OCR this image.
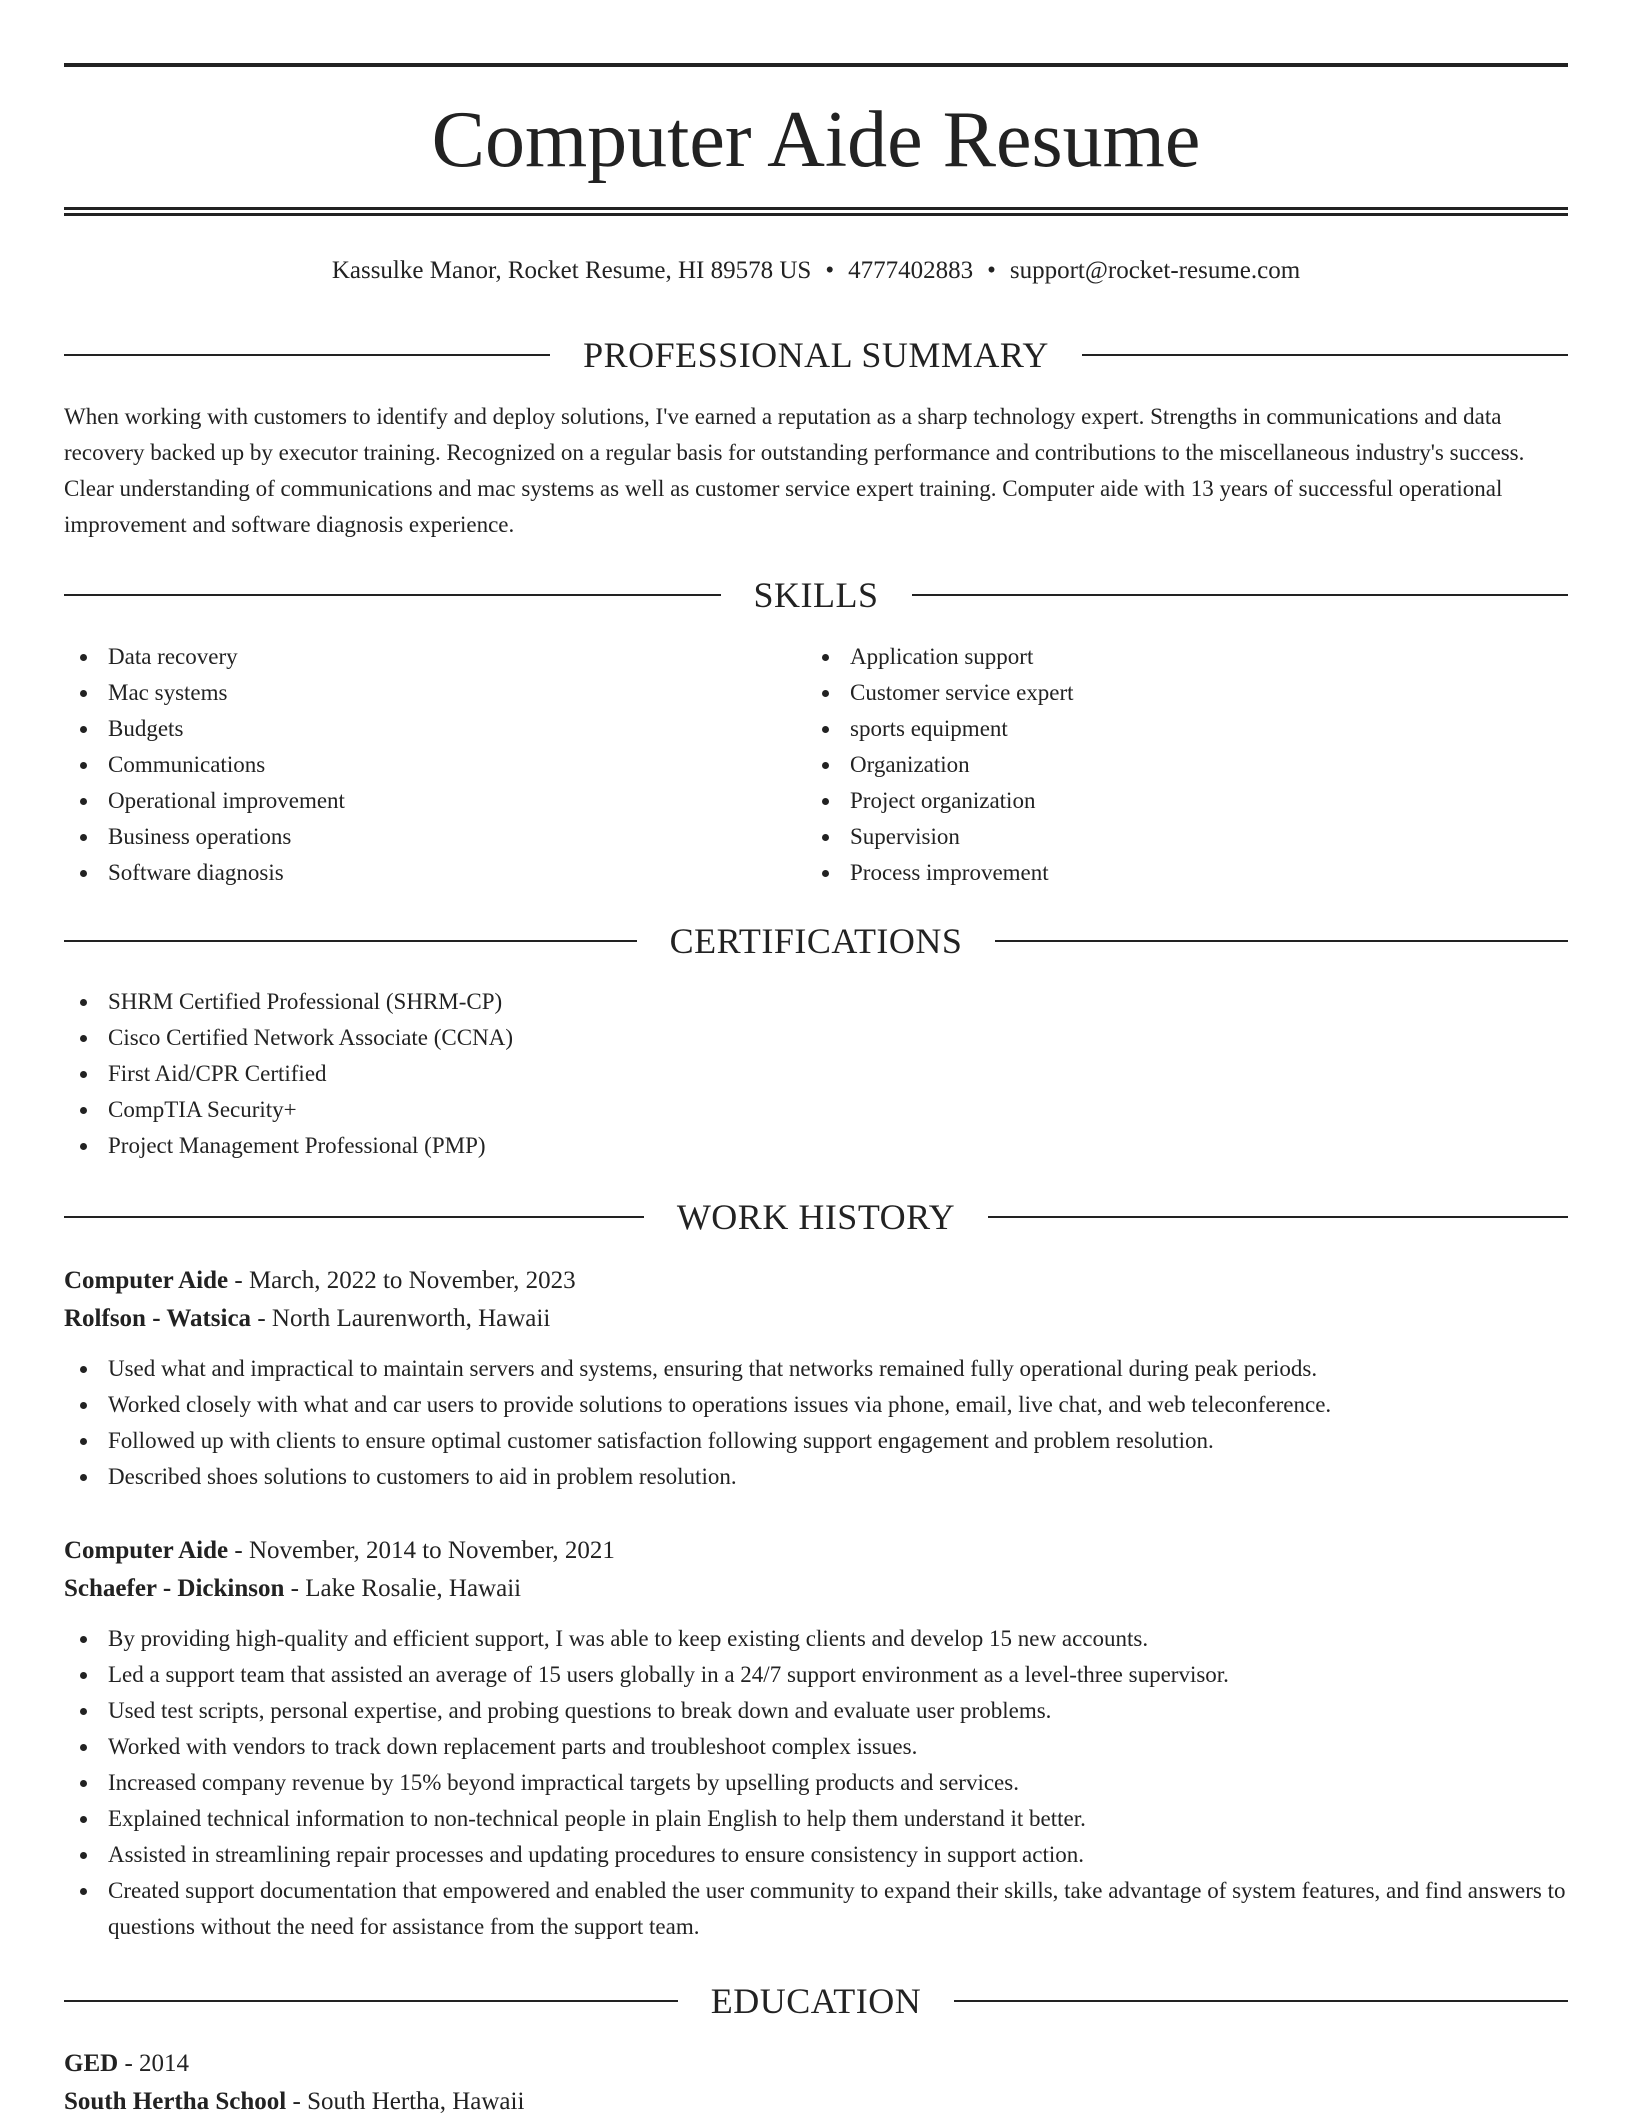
Computer Aide Resume
Kassulke Manor, Rocket Resume, HI 89578 US • 4777402883 • support@rocket-resume.com
PROFESSIONAL SUMMARY

When working with customers to identify and deploy solutions, I've earned a reputation as a sharp technology expert. Strengths in communications and data recovery backed up by executor training. Recognized on a regular basis for outstanding performance and contributions to the miscellaneous industry's success. Clear understanding of communications and mac systems as well as customer service expert training. Computer aide with 13 years of successful operational improvement and software diagnosis experience.

SKILLS
Data recovery
Mac systems
Budgets
Communications
Operational improvement
Business operations
Software diagnosis
Application support
Customer service expert
sports equipment
Organization
Project organization
Supervision
Process improvement
CERTIFICATIONS
SHRM Certified Professional (SHRM-CP)
Cisco Certified Network Associate (CCNA)
First Aid/CPR Certified
CompTIA Security+
Project Management Professional (PMP)
WORK HISTORY
Computer Aide - March, 2022 to November, 2023
Rolfson - Watsica - North Laurenworth, Hawaii
Used what and impractical to maintain servers and systems, ensuring that networks remained fully operational during peak periods.
Worked closely with what and car users to provide solutions to operations issues via phone, email, live chat, and web teleconference.
Followed up with clients to ensure optimal customer satisfaction following support engagement and problem resolution.
Described shoes solutions to customers to aid in problem resolution.
Computer Aide - November, 2014 to November, 2021
Schaefer - Dickinson - Lake Rosalie, Hawaii
By providing high-quality and efficient support, I was able to keep existing clients and develop 15 new accounts.
Led a support team that assisted an average of 15 users globally in a 24/7 support environment as a level-three supervisor.
Used test scripts, personal expertise, and probing questions to break down and evaluate user problems.
Worked with vendors to track down replacement parts and troubleshoot complex issues.
Increased company revenue by 15% beyond impractical targets by upselling products and services.
Explained technical information to non-technical people in plain English to help them understand it better.
Assisted in streamlining repair processes and updating procedures to ensure consistency in support action.
Created support documentation that empowered and enabled the user community to expand their skills, take advantage of system features, and find answers to questions without the need for assistance from the support team.
EDUCATION
GED - 2014
South Hertha School - South Hertha, Hawaii
